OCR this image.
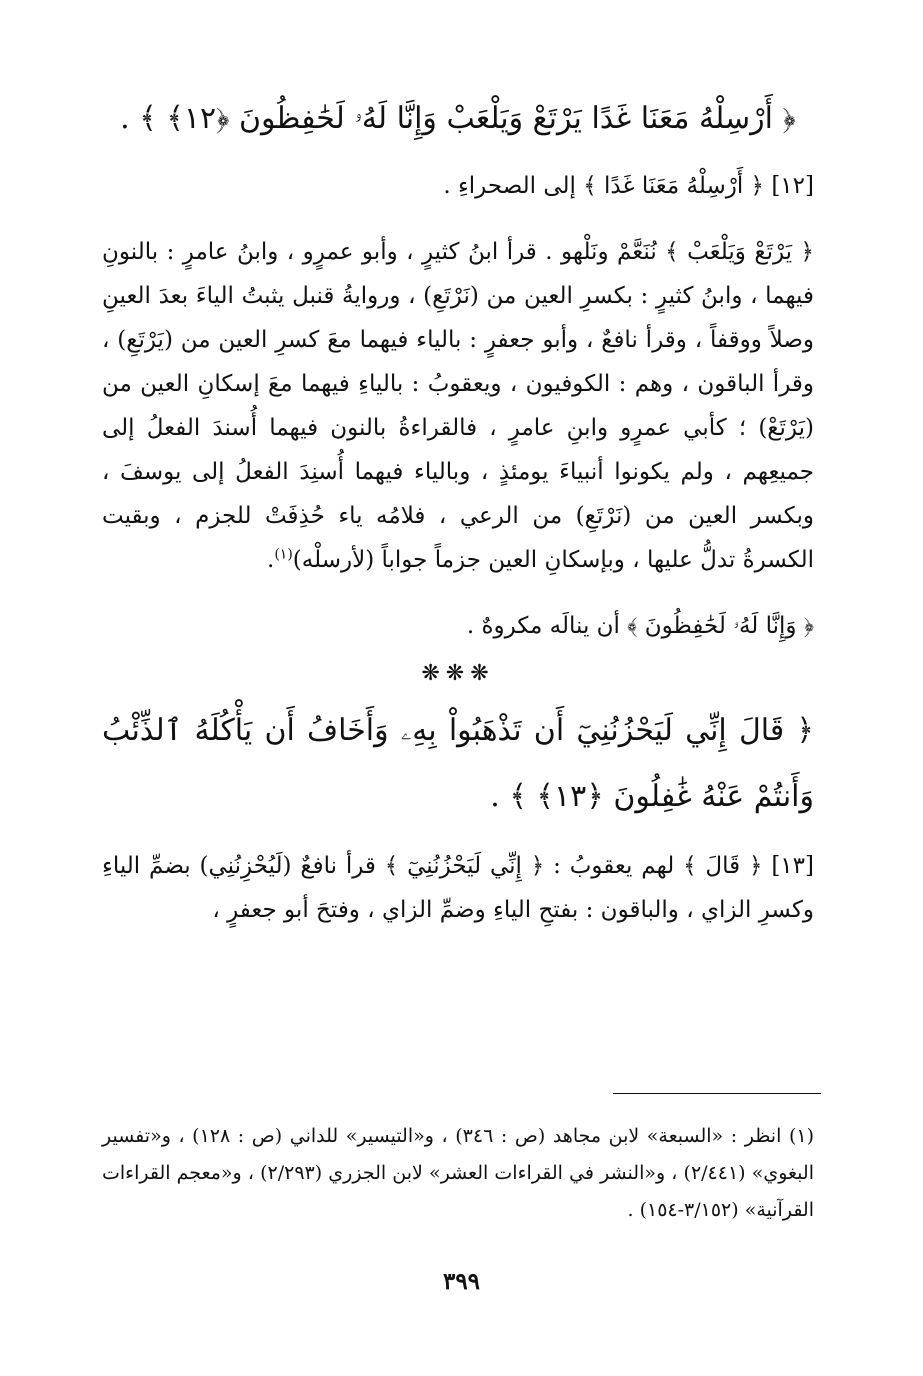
﴿ أَرْسِلْهُ مَعَنَا غَدًا يَرْتَعْ وَيَلْعَبْ وَإِنَّا لَهُۥ لَحَٰفِظُونَ ﴿١٢﴾ ﴾ .

[١٢] ﴿ أَرْسِلْهُ مَعَنَا غَدًا ﴾ إلى الصحراءِ .

﴿ يَرْتَعْ وَيَلْعَبْ ﴾ نُنَعَّمْ ونَلْهو . قرأ ابنُ كثيرٍ ، وأبو عمرٍو ، وابنُ عامرٍ : بالنونِ فيهما ، وابنُ كثيرٍ : بكسرِ العين من (نَرْتَعِ) ، وروايةُ قنبل يثبتُ الياءَ بعدَ العينِ وصلاً ووقفاً ، وقرأ نافعٌ ، وأبو جعفرٍ : بالياء فيهما معَ كسرِ العين من (يَرْتَعِ) ، وقرأ الباقون ، وهم : الكوفيون ، ويعقوبُ : بالياءِ فيهما معَ إسكانِ العين من (يَرْتَعْ) ؛ كأبي عمرٍو وابنِ عامرٍ ، فالقراءةُ بالنون فيهما أُسندَ الفعلُ إلى جميعِهم ، ولم يكونوا أنبياءَ يومئذٍ ، وبالياء فيهما أُسنِدَ الفعلُ إلى يوسفَ ، وبكسر العين من (نَرْتَعِ) من الرعي ، فلامُه ياء حُذِفَتْ للجزم ، وبقيت الكسرةُ تدلُّ عليها ، وبإسكانِ العين جزماً جواباً (لأرسلْه)$^{(١)}$.

﴿ وَإِنَّا لَهُۥ لَحَٰفِظُونَ ﴾ أن ينالَه مكروهٌ .

❋❋❋

﴿ قَالَ إِنِّي لَيَحْزُنُنِيٓ أَن تَذْهَبُواْ بِهِۦ وَأَخَافُ أَن يَأْكُلَهُ ٱلذِّئْبُ وَأَنتُمْ عَنْهُ غَٰفِلُونَ ﴿١٣﴾ ﴾ .

[١٣] ﴿ قَالَ ﴾ لهم يعقوبُ : ﴿ إِنِّي لَيَحْزُنُنِيٓ ﴾ قرأ نافعٌ (لَيُحْزِنُنِي) بضمِّ الياءِ وكسرِ الزاي ، والباقون : بفتحِ الياءِ وضمِّ الزاي ، وفتحَ أبو جعفرٍ ،

(١) انظر : «السبعة» لابن مجاهد (ص : ٣٤٦) ، و«التيسير» للداني (ص : ١٢٨) ، و«تفسير البغوي» (٢/٤٤١) ، و«النشر في القراءات العشر» لابن الجزري (٢/٢٩٣) ، و«معجم القراءات القرآنية» (٣/١٥٢-١٥٤) .

٣٩٩
